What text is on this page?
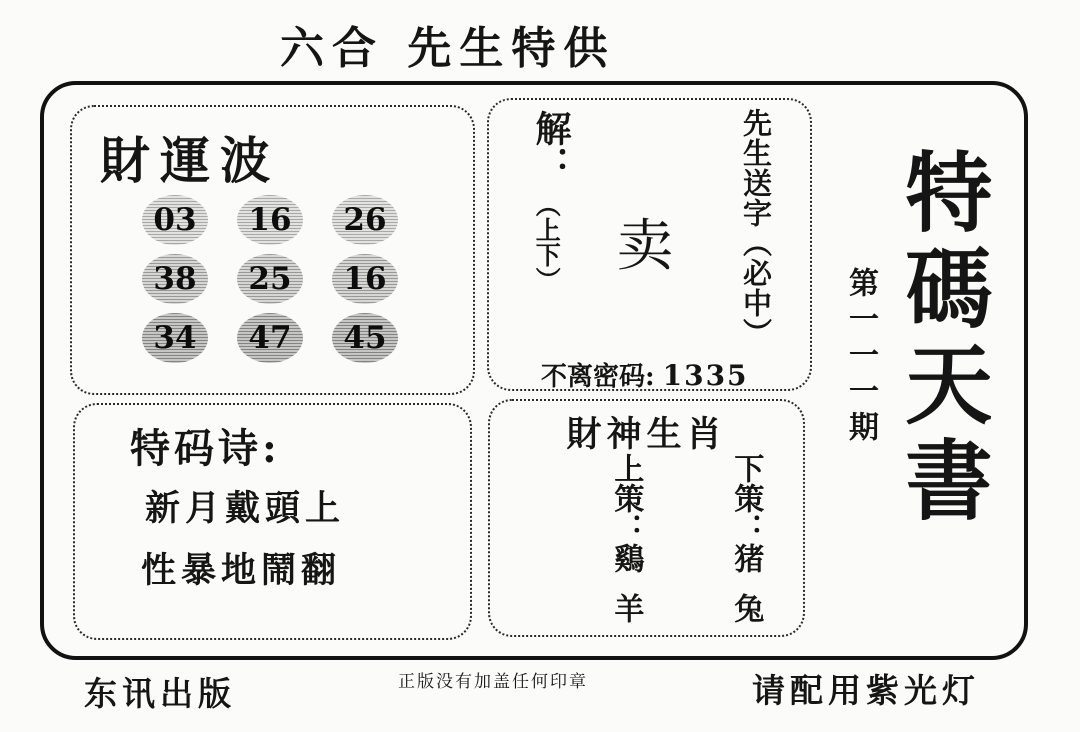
六合 先生特供
財運波
03 16 26
38 25 16
34 47 45
解：
（上下） 卖 先生送字（必中）
不离密码: 1335
特码诗:
新月戴頭上
性暴地鬧翻
財神生肖
上策：鷄羊
下策：猪兔
第一一一期 特碼天書
东讯出版	正版没有加盖任何印章	请配用紫光灯
